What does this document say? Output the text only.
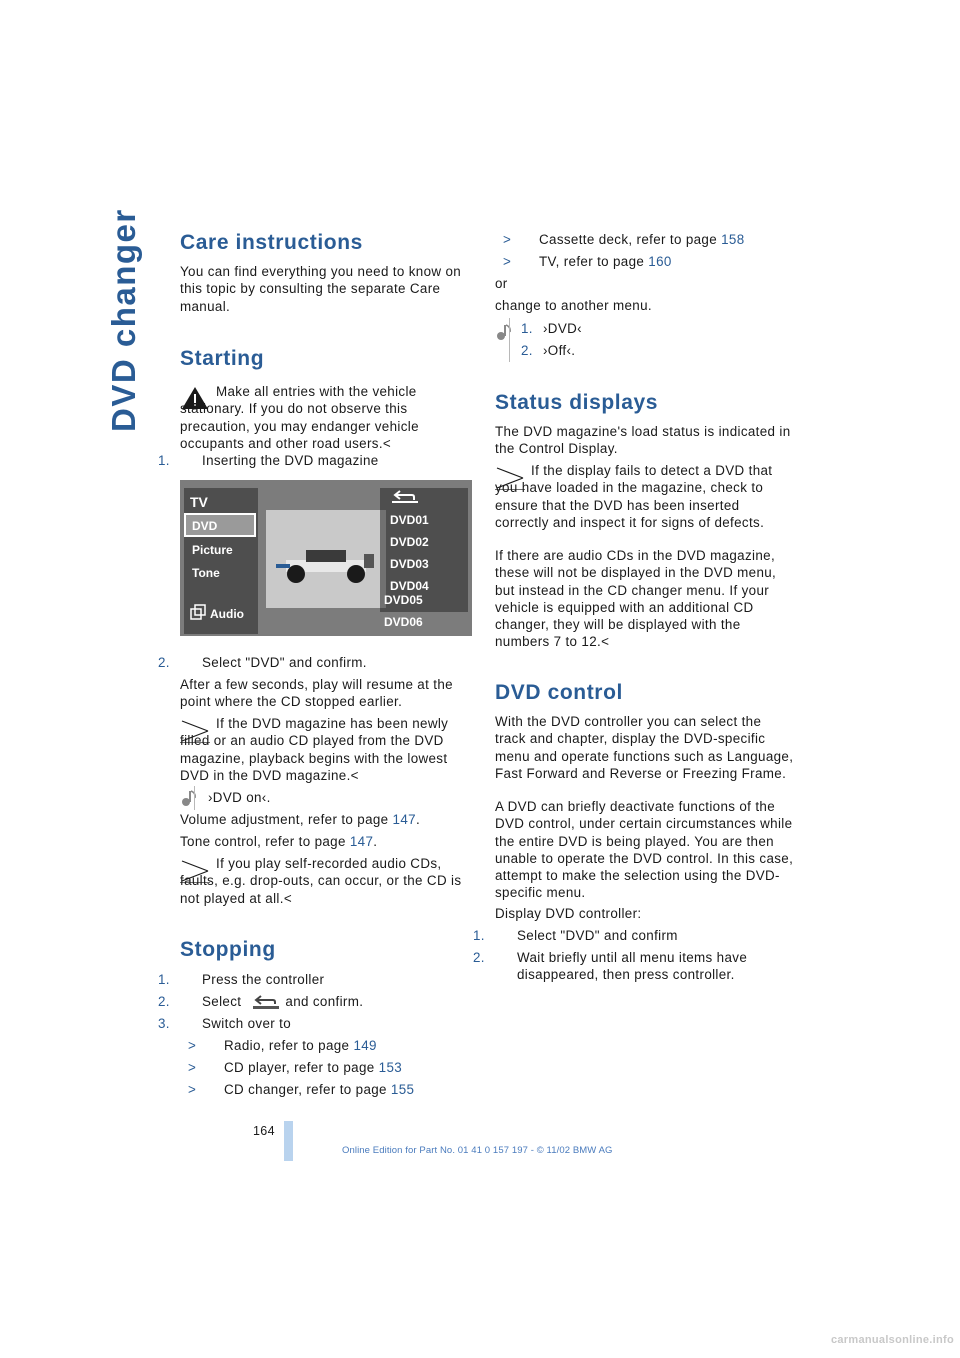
DVD changer Care instructions

You can find everything you need to know on this topic by consulting the separate Care manual.

Starting

Make all entries with the vehicle stationary. If you do not observe this precaution, you may endanger vehicle occupants and other road users.<

1. Inserting the DVD magazine

2. Select "DVD" and confirm.

After a few seconds, play will resume at the point where the CD stopped earlier.

If the DVD magazine has been newly filled or an audio CD played from the DVD magazine, playback begins with the lowest DVD in the DVD magazine.<

›DVD on‹.

Volume adjustment, refer to page 147.

Tone control, refer to page 147.

If you play self-recorded audio CDs, faults, e.g. drop-outs, can occur, or the CD is not played at all.<

Stopping

1. Press the controller

2. Select	and confirm.

3. Switch over to

> Radio, refer to page 149

> CD player, refer to page 153

> CD changer, refer to page 155

TV
DVD
Picture
Tone
Audio
DVD01
DVD02
DVD03
DVD04
DVD05
DVD06

> Cassette deck, refer to page 158

> TV, refer to page 160

or

change to another menu.

1. ›DVD‹

2. ›Off‹.

Status displays

The DVD magazine's load status is indicated in the Control Display.

If the display fails to detect a DVD that you have loaded in the magazine, check to ensure that the DVD has been inserted correctly and inspect it for signs of defects.

If there are audio CDs in the DVD magazine, these will not be displayed in the DVD menu, but instead in the CD changer menu. If your vehicle is equipped with an additional CD changer, they will be displayed with the numbers 7 to 12.<

DVD control

With the DVD controller you can select the track and chapter, display the DVD-specific menu and operate functions such as Language, Fast Forward and Reverse or Freezing Frame.

A DVD can briefly deactivate functions of the DVD control, under certain circumstances while the entire DVD is being played. You are then unable to operate the DVD control. In this case, attempt to make the selection using the DVD-specific menu.

Display DVD controller:

1. Select "DVD" and confirm

2. Wait briefly until all menu items have disappeared, then press controller.

164
Online Edition for Part No. 01 41 0 157 197 - © 11/02 BMW AG
carmanualsonline.info
